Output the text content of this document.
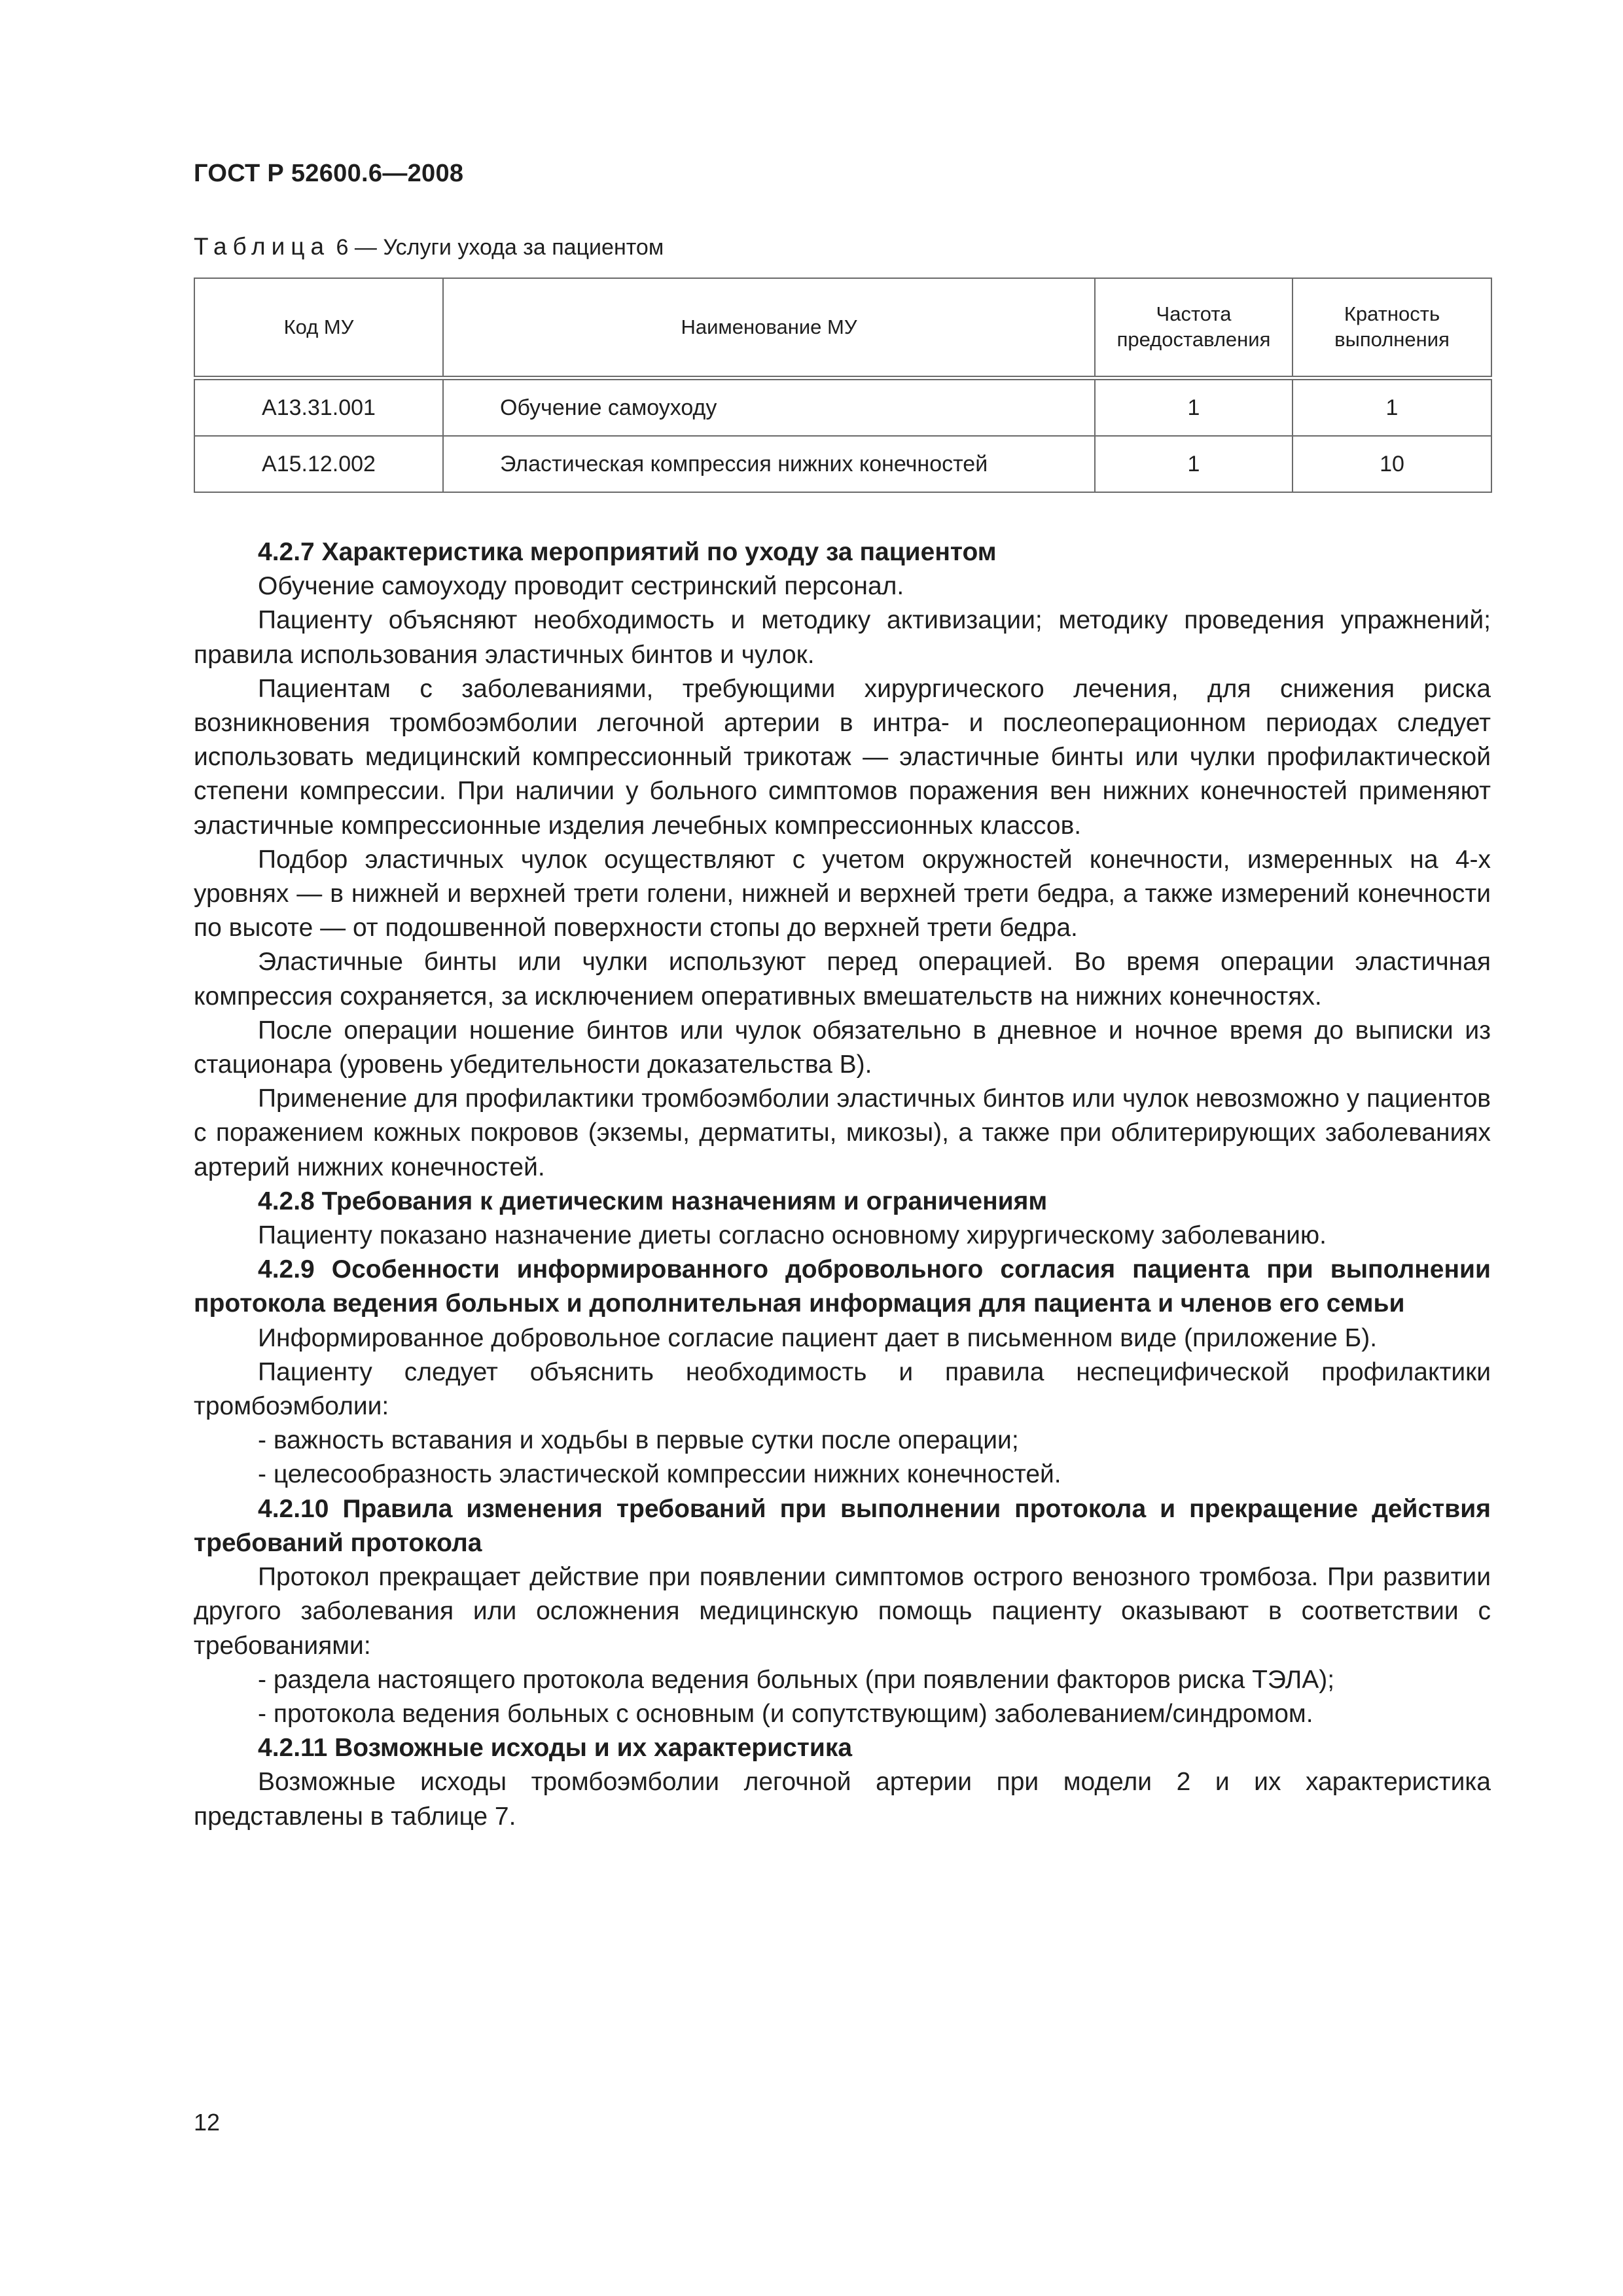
ГОСТ Р 52600.6—2008
Таблица 6 — Услуги ухода за пациентом
Код МУ	Наименование МУ	Частота предоставления	Кратность выполнения
A13.31.001	Обучение самоуходу	1	1
A15.12.002	Эластическая компрессия нижних конечностей	1	10

4.2.7 Характеристика мероприятий по уходу за пациентом

Обучение самоуходу проводит сестринский персонал.

Пациенту объясняют необходимость и методику активизации; методику проведения упражнений; правила использования эластичных бинтов и чулок.

Пациентам с заболеваниями, требующими хирургического лечения, для снижения риска возникновения тромбоэмболии легочной артерии в интра- и послеоперационном периодах следует использовать медицинский компрессионный трикотаж — эластичные бинты или чулки профилактической степени компрессии. При наличии у больного симптомов поражения вен нижних конечностей применяют эластичные компрессионные изделия лечебных компрессионных классов.

Подбор эластичных чулок осуществляют с учетом окружностей конечности, измеренных на 4-х уровнях — в нижней и верхней трети голени, нижней и верхней трети бедра, а также измерений конечности по высоте — от подошвенной поверхности стопы до верхней трети бедра.

Эластичные бинты или чулки используют перед операцией. Во время операции эластичная компрессия сохраняется, за исключением оперативных вмешательств на нижних конечностях.

После операции ношение бинтов или чулок обязательно в дневное и ночное время до выписки из стационара (уровень убедительности доказательства В).

Применение для профилактики тромбоэмболии эластичных бинтов или чулок невозможно у пациентов с поражением кожных покровов (экземы, дерматиты, микозы), а также при облитерирующих заболеваниях артерий нижних конечностей.

4.2.8 Требования к диетическим назначениям и ограничениям

Пациенту показано назначение диеты согласно основному хирургическому заболеванию.

4.2.9 Особенности информированного добровольного согласия пациента при выполнении протокола ведения больных и дополнительная информация для пациента и членов его семьи

Информированное добровольное согласие пациент дает в письменном виде (приложение Б).

Пациенту следует объяснить необходимость и правила неспецифической профилактики тромбоэмболии:

- важность вставания и ходьбы в первые сутки после операции;

- целесообразность эластической компрессии нижних конечностей.

4.2.10 Правила изменения требований при выполнении протокола и прекращение действия требований протокола

Протокол прекращает действие при появлении симптомов острого венозного тромбоза. При развитии другого заболевания или осложнения медицинскую помощь пациенту оказывают в соответствии с требованиями:

- раздела настоящего протокола ведения больных (при появлении факторов риска ТЭЛА);

- протокола ведения больных с основным (и сопутствующим) заболеванием/синдромом.

4.2.11 Возможные исходы и их характеристика

Возможные исходы тромбоэмболии легочной артерии при модели 2 и их характеристика представлены в таблице 7.

12
